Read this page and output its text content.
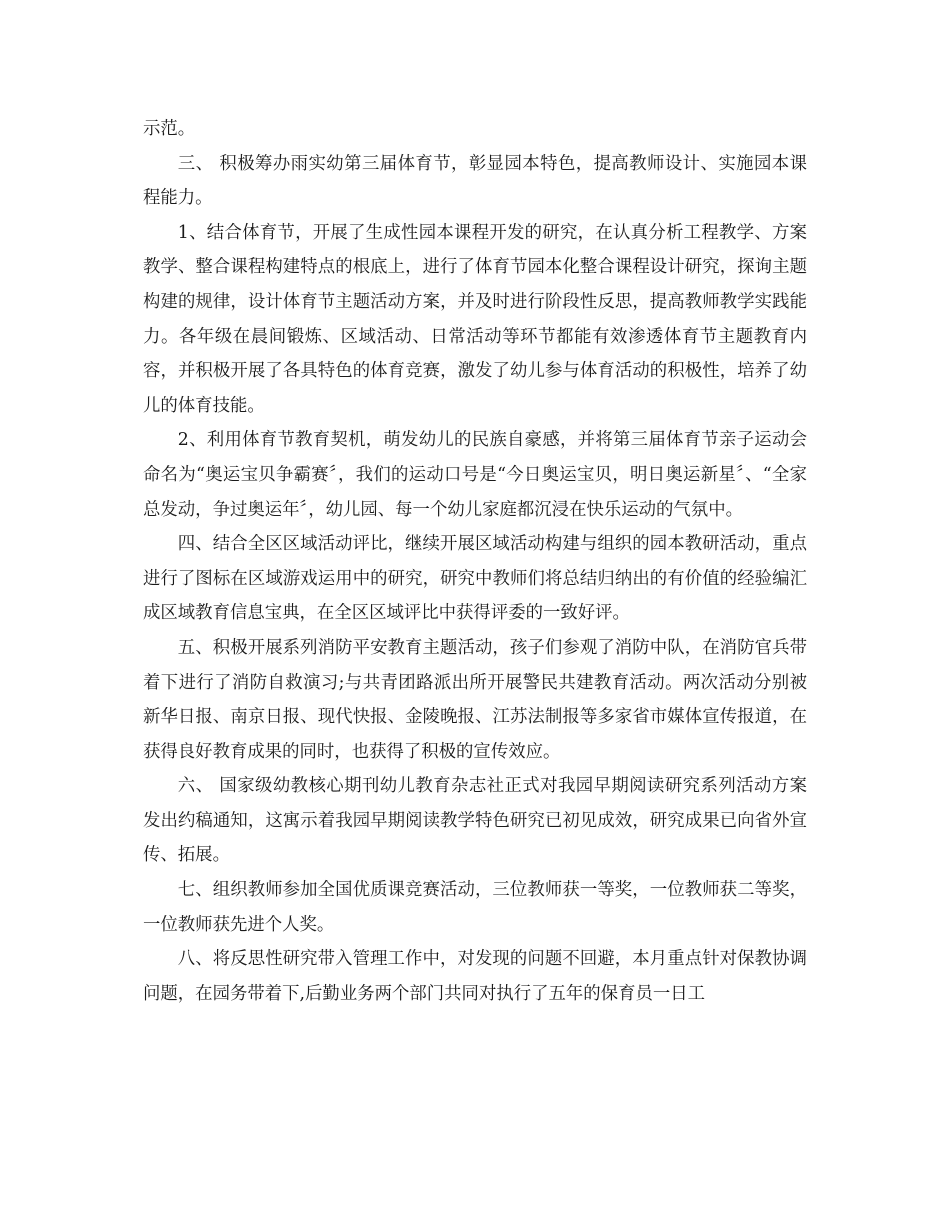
示范。

三、 积极筹办雨实幼第三届体育节，彰显园本特色，提高教师设计、实施园本课程能力。

1、结合体育节，开展了生成性园本课程开发的研究，在认真分析工程教学、方案教学、整合课程构建特点的根底上，进行了体育节园本化整合课程设计研究，探询主题构建的规律，设计体育节主题活动方案，并及时进行阶段性反思，提高教师教学实践能力。各年级在晨间锻炼、区域活动、日常活动等环节都能有效渗透体育节主题教育内容，并积极开展了各具特色的体育竞赛，激发了幼儿参与体育活动的积极性，培养了幼儿的体育技能。

2、利用体育节教育契机，萌发幼儿的民族自豪感，并将第三届体育节亲子运动会命名为“奥运宝贝争霸赛〞，我们的运动口号是“今日奥运宝贝，明日奥运新星〞、“全家总发动，争过奥运年〞，幼儿园、每一个幼儿家庭都沉浸在快乐运动的气氛中。

四、结合全区区域活动评比，继续开展区域活动构建与组织的园本教研活动，重点进行了图标在区域游戏运用中的研究，研究中教师们将总结归纳出的有价值的经验编汇成区域教育信息宝典，在全区区域评比中获得评委的一致好评。

五、积极开展系列消防平安教育主题活动，孩子们参观了消防中队，在消防官兵带着下进行了消防自救演习;与共青团路派出所开展警民共建教育活动。两次活动分别被新华日报、南京日报、现代快报、金陵晚报、江苏法制报等多家省市媒体宣传报道，在获得良好教育成果的同时，也获得了积极的宣传效应。

六、 国家级幼教核心期刊幼儿教育杂志社正式对我园早期阅读研究系列活动方案发出约稿通知，这寓示着我园早期阅读教学特色研究已初见成效，研究成果已向省外宣传、拓展。

七、组织教师参加全国优质课竞赛活动，三位教师获一等奖，一位教师获二等奖，一位教师获先进个人奖。

八、将反思性研究带入管理工作中，对发现的问题不回避，本月重点针对保教协调问题，在园务带着下,后勤业务两个部门共同对执行了五年的保育员一日工
